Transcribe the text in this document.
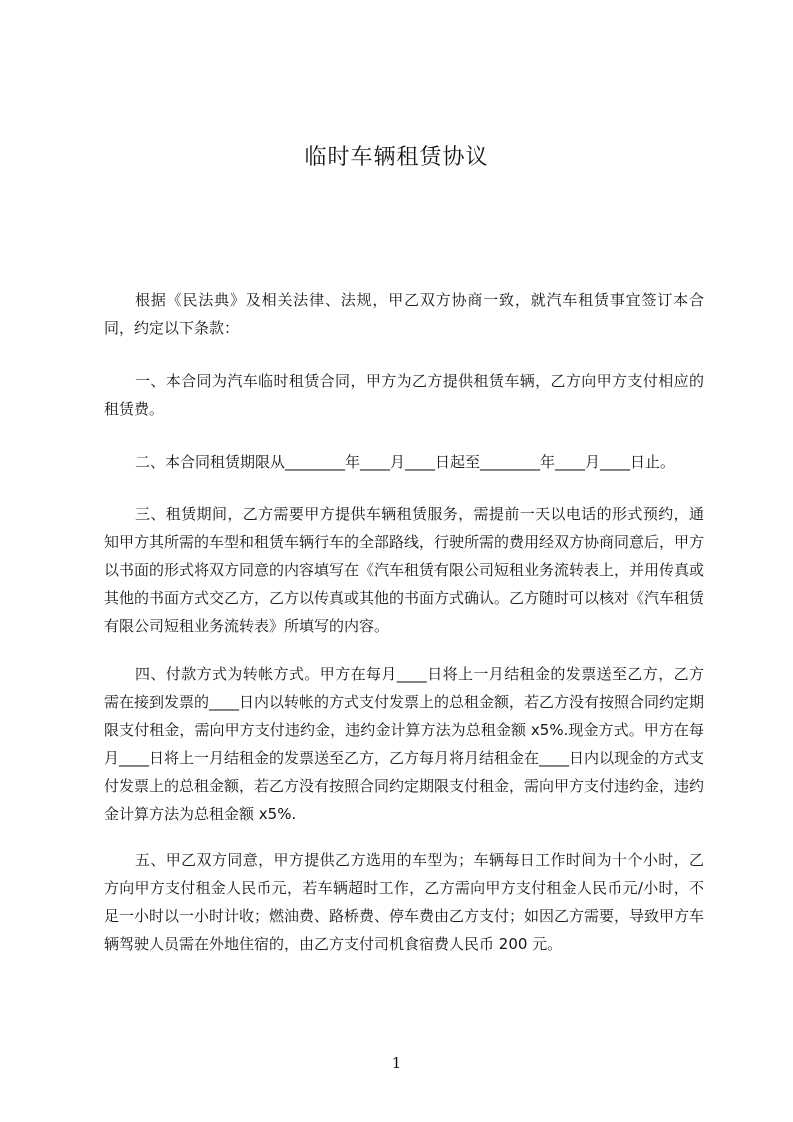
临时车辆租赁协议

根据《民法典》及相关法律、法规，甲乙双方协商一致，就汽车租赁事宜签订本合同，约定以下条款：

一、本合同为汽车临时租赁合同，甲方为乙方提供租赁车辆，乙方向甲方支付相应的租赁费。

二、本合同租赁期限从________年____月____日起至________年____月____日止。

三、租赁期间，乙方需要甲方提供车辆租赁服务，需提前一天以电话的形式预约，通知甲方其所需的车型和租赁车辆行车的全部路线，行驶所需的费用经双方协商同意后，甲方以书面的形式将双方同意的内容填写在《汽车租赁有限公司短租业务流转表上，并用传真或其他的书面方式交乙方，乙方以传真或其他的书面方式确认。乙方随时可以核对《汽车租赁有限公司短租业务流转表》所填写的内容。

四、付款方式为转帐方式。甲方在每月____日将上一月结租金的发票送至乙方，乙方需在接到发票的____日内以转帐的方式支付发票上的总租金额，若乙方没有按照合同约定期限支付租金，需向甲方支付违约金，违约金计算方法为总租金额 x5%.现金方式。甲方在每月____日将上一月结租金的发票送至乙方，乙方每月将月结租金在____日内以现金的方式支付发票上的总租金额，若乙方没有按照合同约定期限支付租金，需向甲方支付违约金，违约金计算方法为总租金额 x5%.

五、甲乙双方同意，甲方提供乙方选用的车型为；车辆每日工作时间为十个小时，乙方向甲方支付租金人民币元，若车辆超时工作，乙方需向甲方支付租金人民币元/小时，不足一小时以一小时计收；燃油费、路桥费、停车费由乙方支付；如因乙方需要，导致甲方车辆驾驶人员需在外地住宿的，由乙方支付司机食宿费人民币 200 元。

1
